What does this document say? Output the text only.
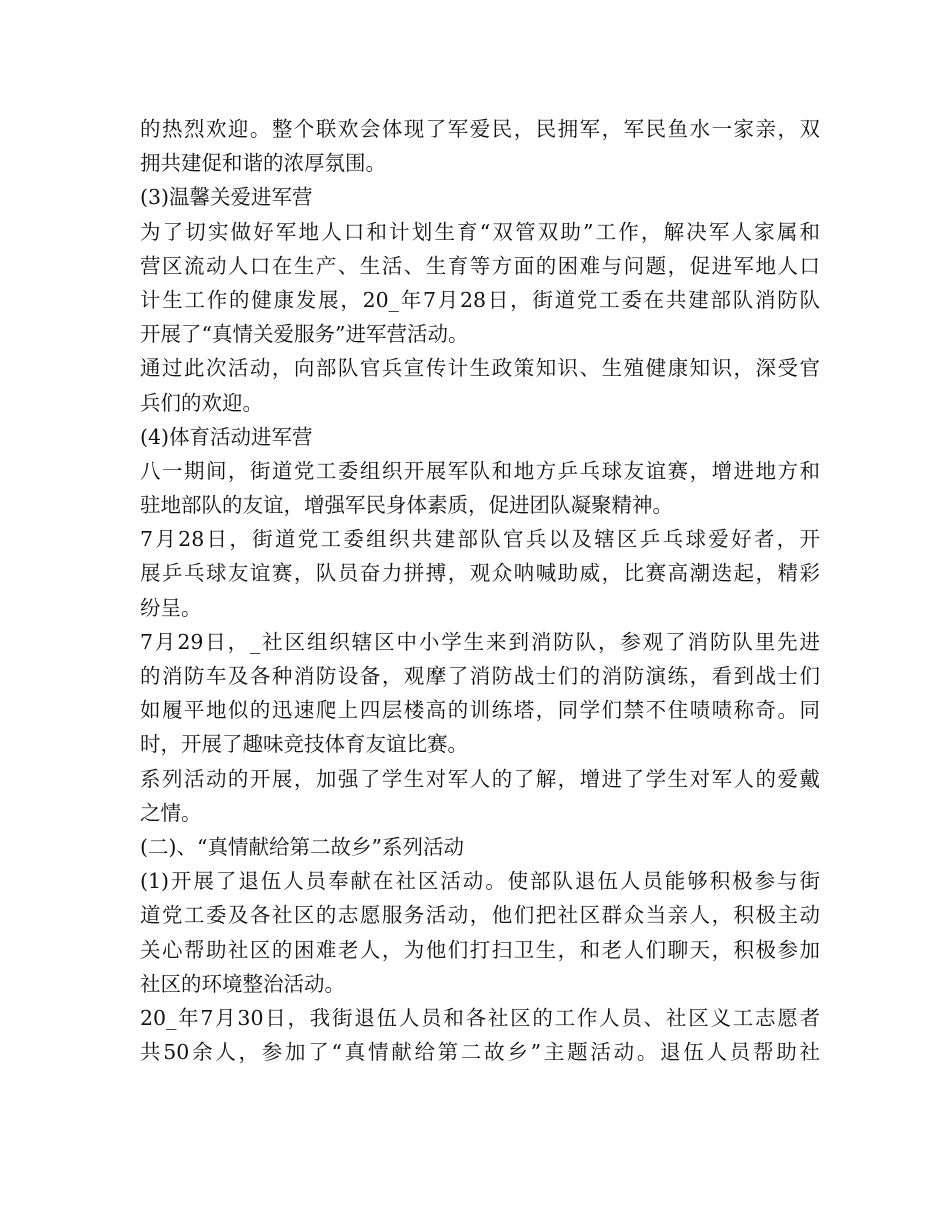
的热烈欢迎。整个联欢会体现了军爱民，民拥军，军民鱼水一家亲，双
拥共建促和谐的浓厚氛围。
(3)温馨关爱进军营
为了切实做好军地人口和计划生育“双管双助”工作，解决军人家属和
营区流动人口在生产、生活、生育等方面的困难与问题，促进军地人口
计生工作的健康发展，20_年7月28日，街道党工委在共建部队消防队
开展了“真情关爱服务”进军营活动。
通过此次活动，向部队官兵宣传计生政策知识、生殖健康知识，深受官
兵们的欢迎。
(4)体育活动进军营
八一期间，街道党工委组织开展军队和地方乒乓球友谊赛，增进地方和
驻地部队的友谊，增强军民身体素质，促进团队凝聚精神。
7月28日，街道党工委组织共建部队官兵以及辖区乒乓球爱好者，开
展乒乓球友谊赛，队员奋力拼搏，观众呐喊助威，比赛高潮迭起，精彩
纷呈。
7月29日，_社区组织辖区中小学生来到消防队，参观了消防队里先进
的消防车及各种消防设备，观摩了消防战士们的消防演练，看到战士们
如履平地似的迅速爬上四层楼高的训练塔，同学们禁不住啧啧称奇。同
时，开展了趣味竞技体育友谊比赛。
系列活动的开展，加强了学生对军人的了解，增进了学生对军人的爱戴
之情。
(二)、“真情献给第二故乡”系列活动
(1)开展了退伍人员奉献在社区活动。使部队退伍人员能够积极参与街
道党工委及各社区的志愿服务活动，他们把社区群众当亲人，积极主动
关心帮助社区的困难老人，为他们打扫卫生，和老人们聊天，积极参加
社区的环境整治活动。
20_年7月30日，我街退伍人员和各社区的工作人员、社区义工志愿者
共50余人，参加了“真情献给第二故乡”主题活动。退伍人员帮助社
